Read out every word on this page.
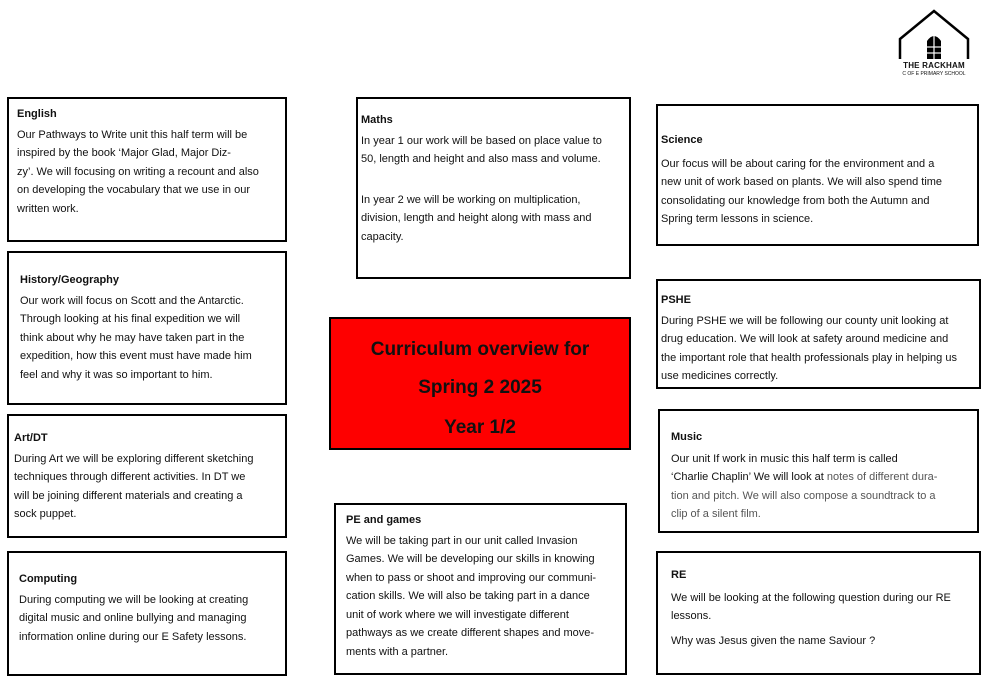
THE RACKHAM
C OF E PRIMARY SCHOOL
English

Our Pathways to Write unit this half term will be
inspired by the book ‘Major Glad, Major Diz-
zy’. We will focusing on writing a recount and also
on developing the vocabulary that we use in our
written work.

History/Geography

Our work will focus on Scott and the Antarctic.
Through looking at his final expedition we will
think about why he may have taken part in the
expedition, how this event must have made him
feel and why it was so important to him.

Art/DT

During Art we will be exploring different sketching
techniques through different activities. In DT we
will be joining different materials and creating a
sock puppet.

Computing

During computing we will be looking at creating
digital music and online bullying and managing
information online during our E Safety lessons.

Maths

In year 1 our work will be based on place value to
50, length and height and also mass and volume.

In year 2 we will be working on multiplication,
division, length and height along with mass and
capacity.

Curriculum overview for
Spring 2 2025
Year 1/2
PE and games

We will be taking part in our unit called Invasion
Games. We will be developing our skills in knowing
when to pass or shoot and improving our communi-
cation skills. We will also be taking part in a dance
unit of work where we will investigate different
pathways as we create different shapes and move-
ments with a partner.

Science

Our focus will be about caring for the environment and a
new unit of work based on plants. We will also spend time
consolidating our knowledge from both the Autumn and
Spring term lessons in science.

PSHE

During PSHE we will be following our county unit looking at
drug education. We will look at safety around medicine and
the important role that health professionals play in helping us
use medicines correctly.

Music

Our unit If work in music this half term is called
‘Charlie Chaplin’ We will look at notes of different dura-
tion and pitch. We will also compose a soundtrack to a
clip of a silent film.

RE

We will be looking at the following question during our RE
lessons.

Why was Jesus given the name Saviour ?
